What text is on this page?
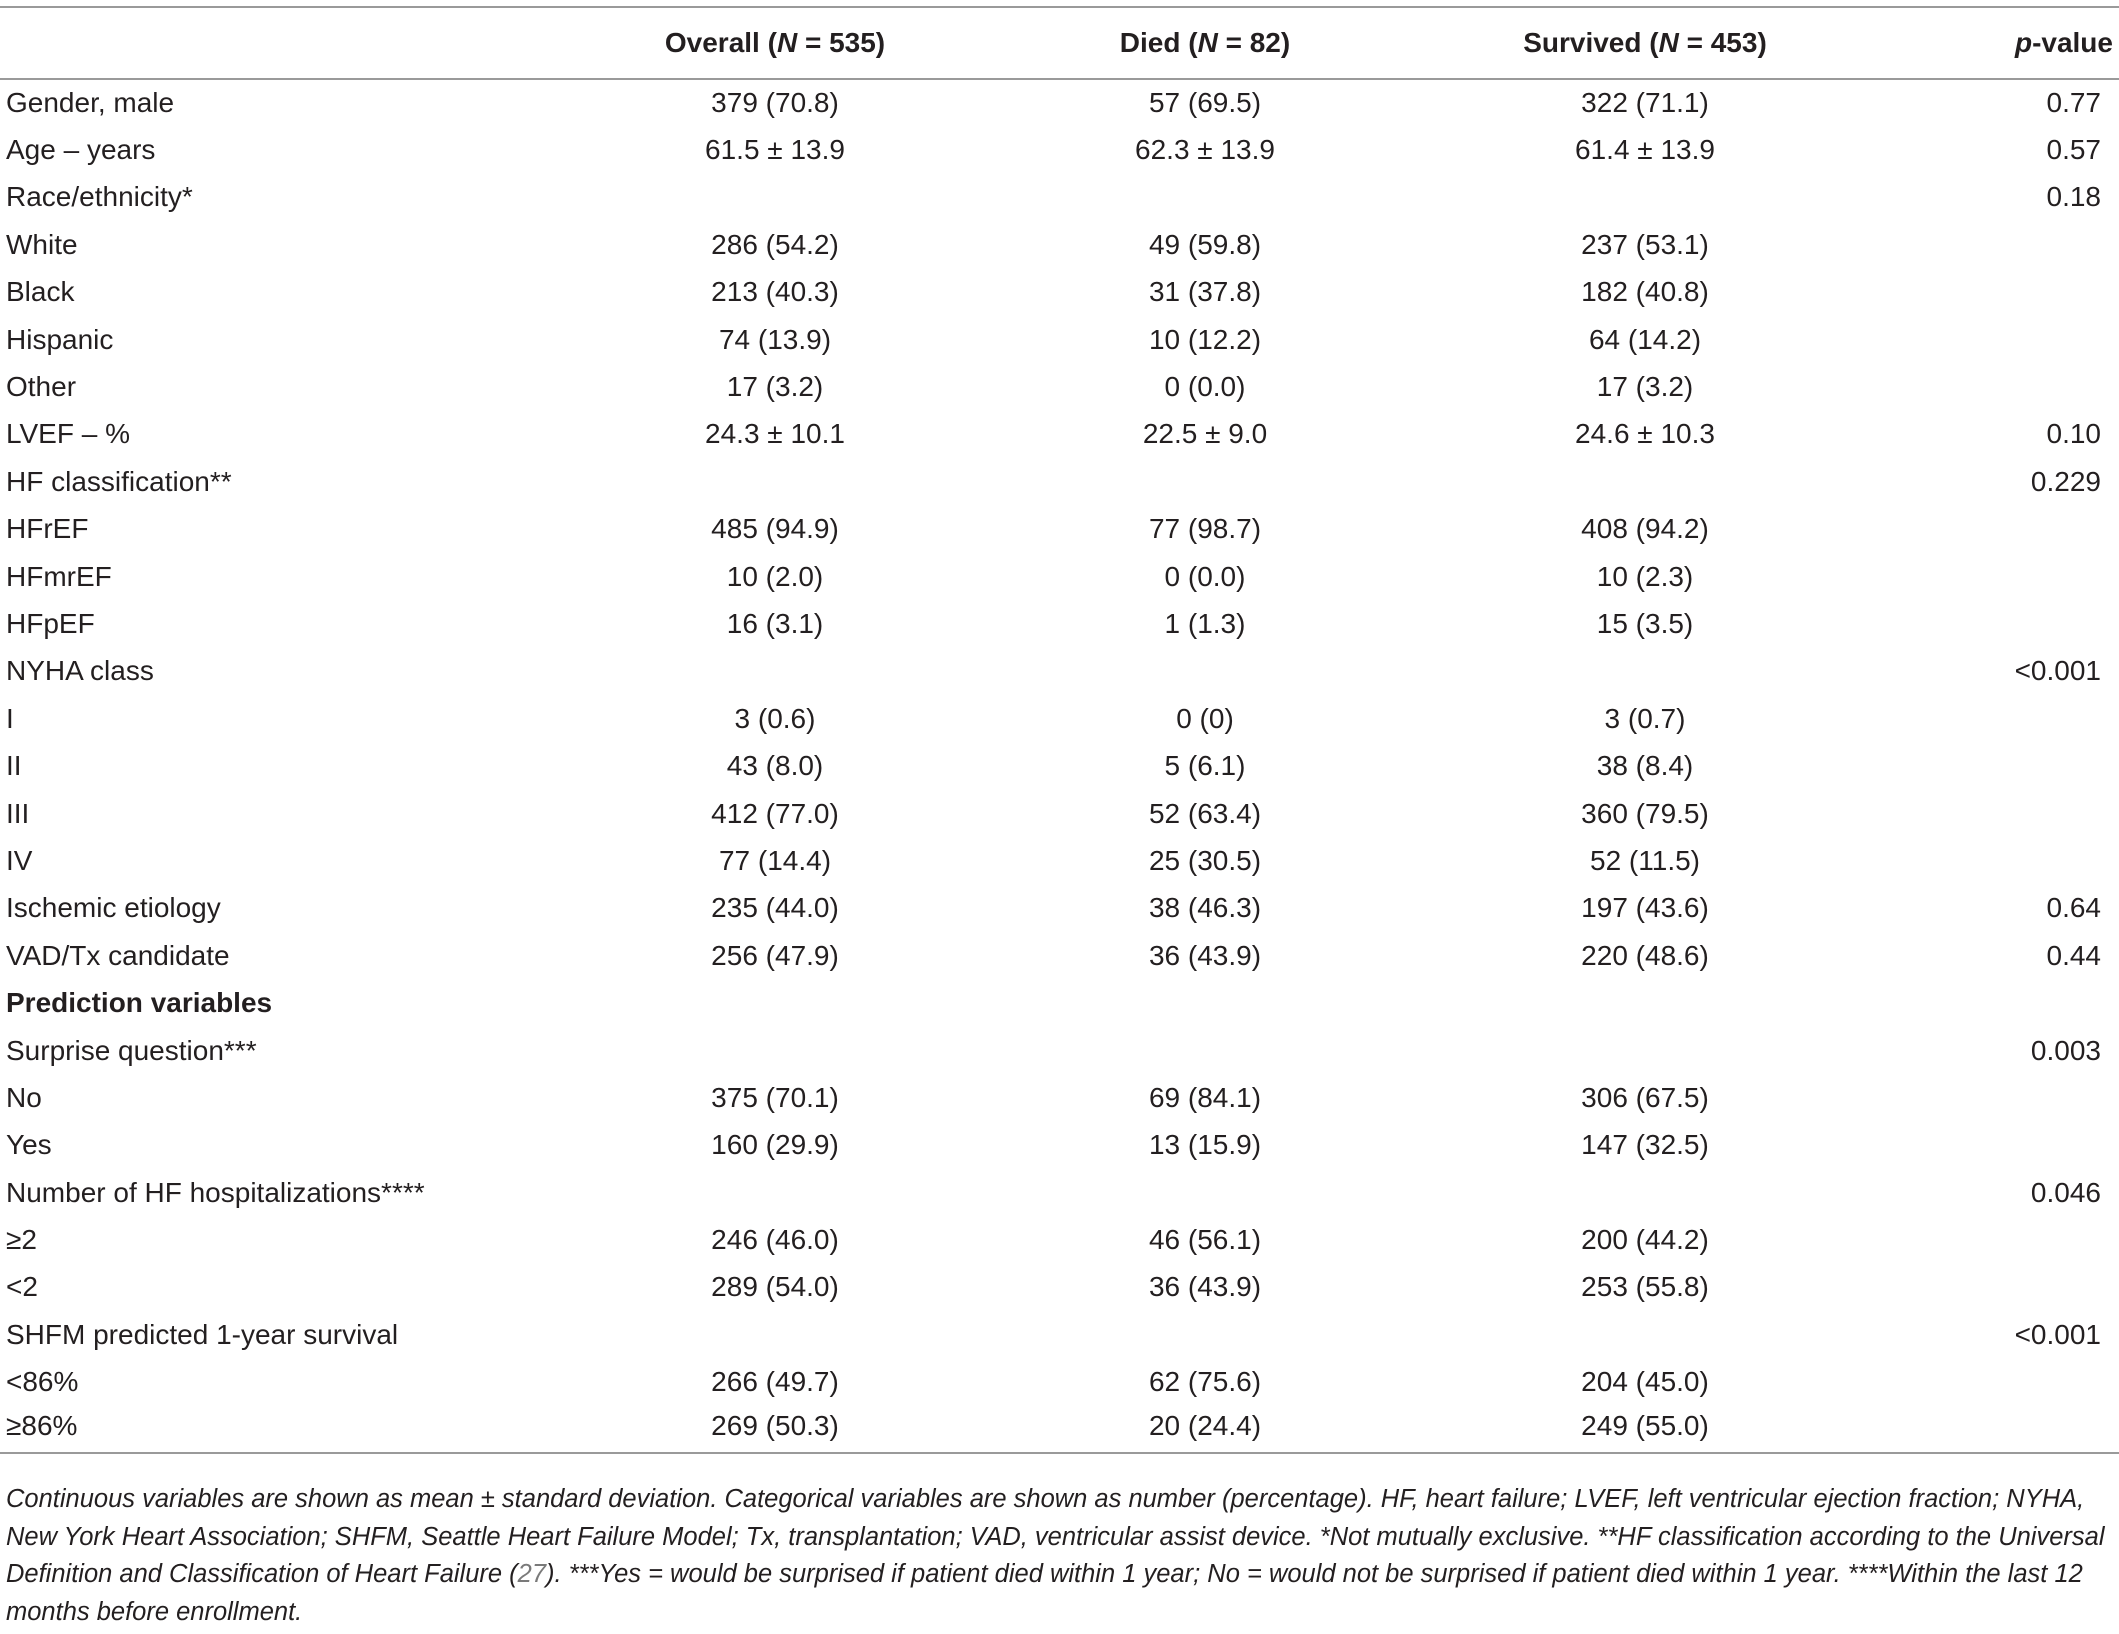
	Overall (N = 535)	Died (N = 82)	Survived (N = 453)	p-value
Gender, male	379 (70.8)	57 (69.5)	322 (71.1)	0.77
Age – years	61.5 ± 13.9	62.3 ± 13.9	61.4 ± 13.9	0.57
Race/ethnicity*				0.18
White	286 (54.2)	49 (59.8)	237 (53.1)	
Black	213 (40.3)	31 (37.8)	182 (40.8)	
Hispanic	74 (13.9)	10 (12.2)	64 (14.2)	
Other	17 (3.2)	0 (0.0)	17 (3.2)	
LVEF – %	24.3 ± 10.1	22.5 ± 9.0	24.6 ± 10.3	0.10
HF classification**				0.229
HFrEF	485 (94.9)	77 (98.7)	408 (94.2)	
HFmrEF	10 (2.0)	0 (0.0)	10 (2.3)	
HFpEF	16 (3.1)	1 (1.3)	15 (3.5)	
NYHA class				<0.001
I	3 (0.6)	0 (0)	3 (0.7)	
II	43 (8.0)	5 (6.1)	38 (8.4)	
III	412 (77.0)	52 (63.4)	360 (79.5)	
IV	77 (14.4)	25 (30.5)	52 (11.5)	
Ischemic etiology	235 (44.0)	38 (46.3)	197 (43.6)	0.64
VAD/Tx candidate	256 (47.9)	36 (43.9)	220 (48.6)	0.44
Prediction variables				
Surprise question***				0.003
No	375 (70.1)	69 (84.1)	306 (67.5)	
Yes	160 (29.9)	13 (15.9)	147 (32.5)	
Number of HF hospitalizations****				0.046
≥2	246 (46.0)	46 (56.1)	200 (44.2)	
<2	289 (54.0)	36 (43.9)	253 (55.8)	
SHFM predicted 1-year survival				<0.001
<86%	266 (49.7)	62 (75.6)	204 (45.0)	
≥86%	269 (50.3)	20 (24.4)	249 (55.0)	
Continuous variables are shown as mean ± standard deviation. Categorical variables are shown as number (percentage). HF, heart failure; LVEF, left ventricular ejection fraction; NYHA, New York Heart Association; SHFM, Seattle Heart Failure Model; Tx, transplantation; VAD, ventricular assist device. *Not mutually exclusive. **HF classification according to the Universal Definition and Classification of Heart Failure (27). ***Yes = would be surprised if patient died within 1 year; No = would not be surprised if patient died within 1 year. ****Within the last 12 months before enrollment.
